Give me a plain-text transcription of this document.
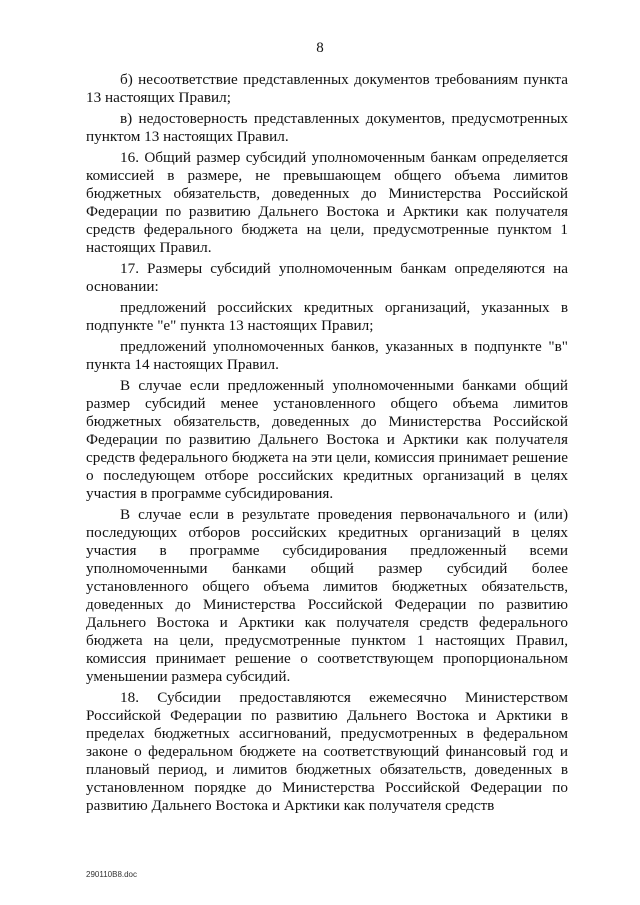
8

б) несоответствие представленных документов требованиям пункта 13 настоящих Правил;

в) недостоверность представленных документов, предусмотренных пунктом 13 настоящих Правил.

16. Общий размер субсидий уполномоченным банкам определяется комиссией в размере, не превышающем общего объема лимитов бюджетных обязательств, доведенных до Министерства Российской Федерации по развитию Дальнего Востока и Арктики как получателя средств федерального бюджета на цели, предусмотренные пунктом 1 настоящих Правил.

17. Размеры субсидий уполномоченным банкам определяются на основании:

предложений российских кредитных организаций, указанных в подпункте "е" пункта 13 настоящих Правил;

предложений уполномоченных банков, указанных в подпункте "в" пункта 14 настоящих Правил.

В случае если предложенный уполномоченными банками общий размер субсидий менее установленного общего объема лимитов бюджетных обязательств, доведенных до Министерства Российской Федерации по развитию Дальнего Востока и Арктики как получателя средств федерального бюджета на эти цели, комиссия принимает решение о последующем отборе российских кредитных организаций в целях участия в программе субсидирования.

В случае если в результате проведения первоначального и (или) последующих отборов российских кредитных организаций в целях участия в программе субсидирования предложенный всеми уполномоченными банками общий размер субсидий более установленного общего объема лимитов бюджетных обязательств, доведенных до Министерства Российской Федерации по развитию Дальнего Востока и Арктики как получателя средств федерального бюджета на цели, предусмотренные пунктом 1 настоящих Правил, комиссия принимает решение о соответствующем пропорциональном уменьшении размера субсидий.

18. Субсидии предоставляются ежемесячно Министерством Российской Федерации по развитию Дальнего Востока и Арктики в пределах бюджетных ассигнований, предусмотренных в федеральном законе о федеральном бюджете на соответствующий финансовый год и плановый период, и лимитов бюджетных обязательств, доведенных в установленном порядке до Министерства Российской Федерации по развитию Дальнего Востока и Арктики как получателя средств

290110B8.doc
